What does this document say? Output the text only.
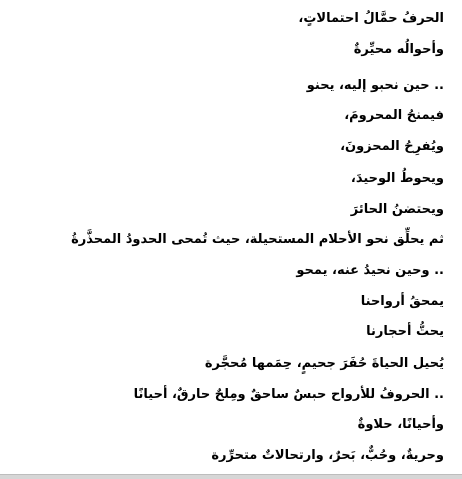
الحرفُ حمَّالُ احتمالاتٍ،
وأحوالُه محيِّرةٌ
.. حين نحبو إليه، يحنو
فيمنحُ المحرومَ،
ويُفرِحُ المحزونَ،
ويحوطُ الوحيدَ،
ويحتضنُ الحائرَ
ثم يحلِّق نحو الأحلام المستحيلة، حيث تُمحى الحدودُ المحذَّرةُ
.. وحين نحيدُ عنه، يمحو
يمحقُ أرواحنا
يحتُّ أحجارنا
يُحيل الحياةَ حُفَرَ جحيمٍ، حِمَمها مُحجَّرة
.. الحروفُ للأرواح حبسٌ ساحقٌ ومِلحٌ حارقٌ، أحيانًا
وأحيانًا، حلاوةٌ
وحريةٌ، وحُبٌّ، بَحرٌ، وارتحالاتٌ متحرِّرة
